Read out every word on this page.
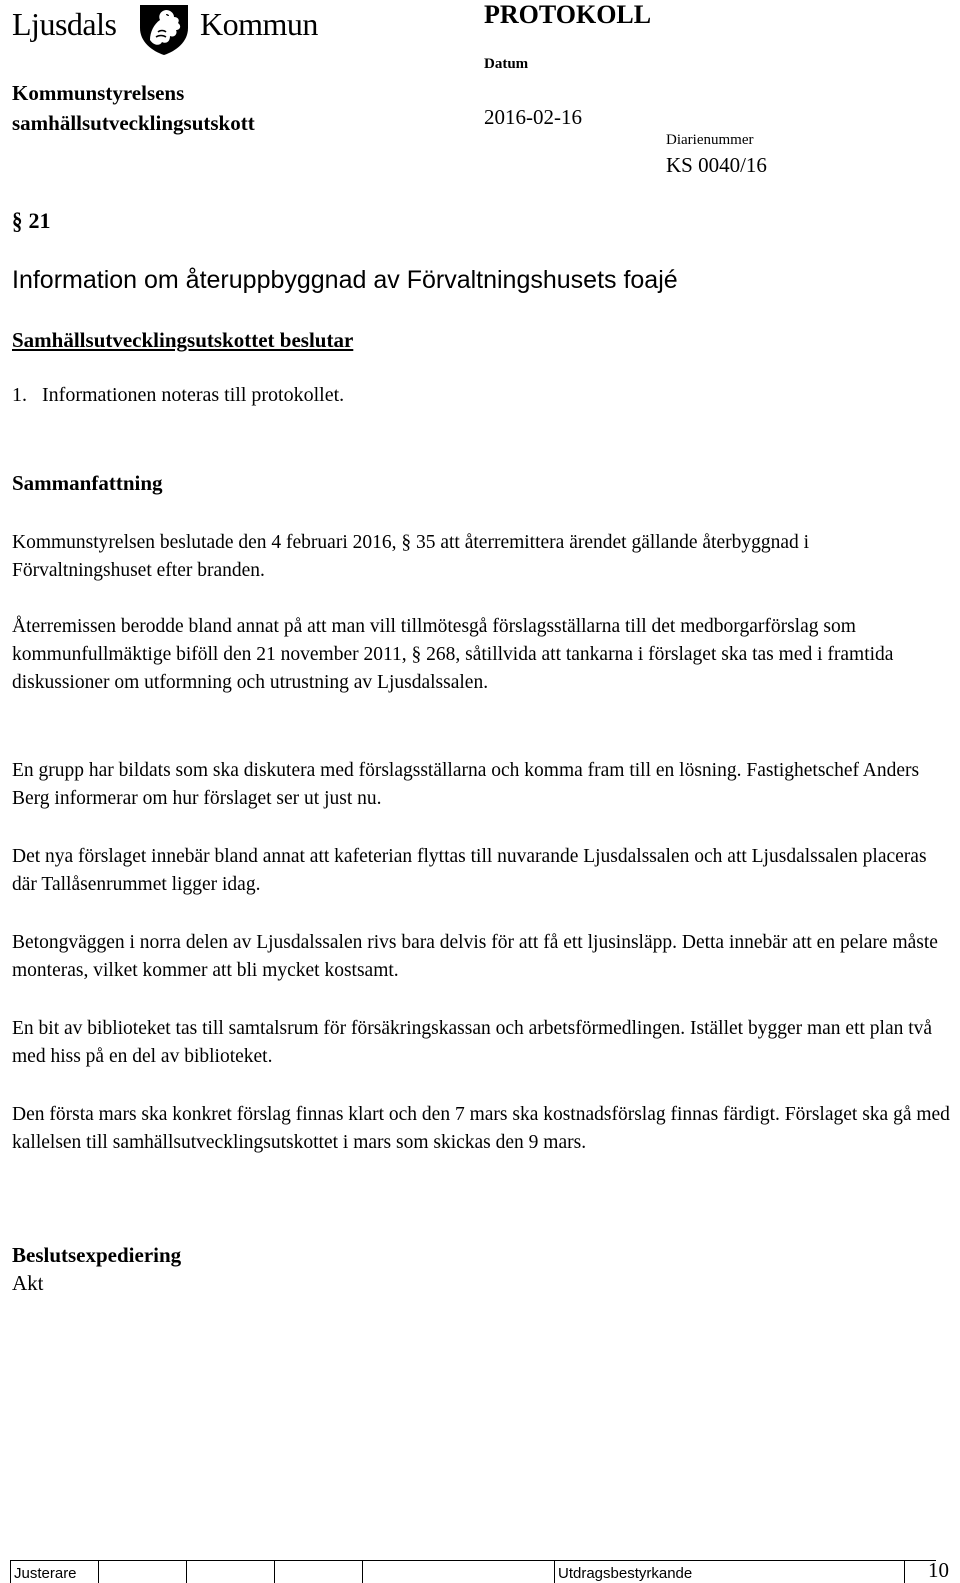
Ljusdals	Kommun	PROTOKOLL
Kommunstyrelsens
samhällsutvecklingsutskott
Datum
2016-02-16
Diarienummer
KS 0040/16
§ 21
Information om återuppbyggnad av Förvaltningshusets foajé
Samhällsutvecklingsutskottet beslutar
1.   Informationen noteras till protokollet.
Sammanfattning
Kommunstyrelsen beslutade den 4 februari 2016, § 35 att återremittera ärendet gällande återbyggnad i Förvaltningshuset efter branden.
Återremissen berodde bland annat på att man vill tillmötesgå förslagsställarna till det medborgarförslag som kommunfullmäktige biföll den 21 november 2011, § 268, såtillvida att tankarna i förslaget ska tas med i framtida diskussioner om utformning och utrustning av Ljusdalssalen.
En grupp har bildats som ska diskutera med förslagsställarna och komma fram till en lösning. Fastighetschef Anders Berg informerar om hur förslaget ser ut just nu.
Det nya förslaget innebär bland annat att kafeterian flyttas till nuvarande Ljusdalssalen och att Ljusdalssalen placeras där Tallåsenrummet ligger idag.
Betongväggen i norra delen av Ljusdalssalen rivs bara delvis för att få ett ljusinsläpp. Detta innebär att en pelare måste monteras, vilket kommer att bli mycket kostsamt.
En bit av biblioteket tas till samtalsrum för försäkringskassan och arbetsförmedlingen. Istället bygger man ett plan två med hiss på en del av biblioteket.
Den första mars ska konkret förslag finnas klart och den 7 mars ska kostnadsförslag finnas färdigt. Förslaget ska gå med kallelsen till samhällsutvecklingsutskottet i mars som skickas den 9 mars.
Beslutsexpediering
Akt
Justerare	Utdragsbestyrkande	10
